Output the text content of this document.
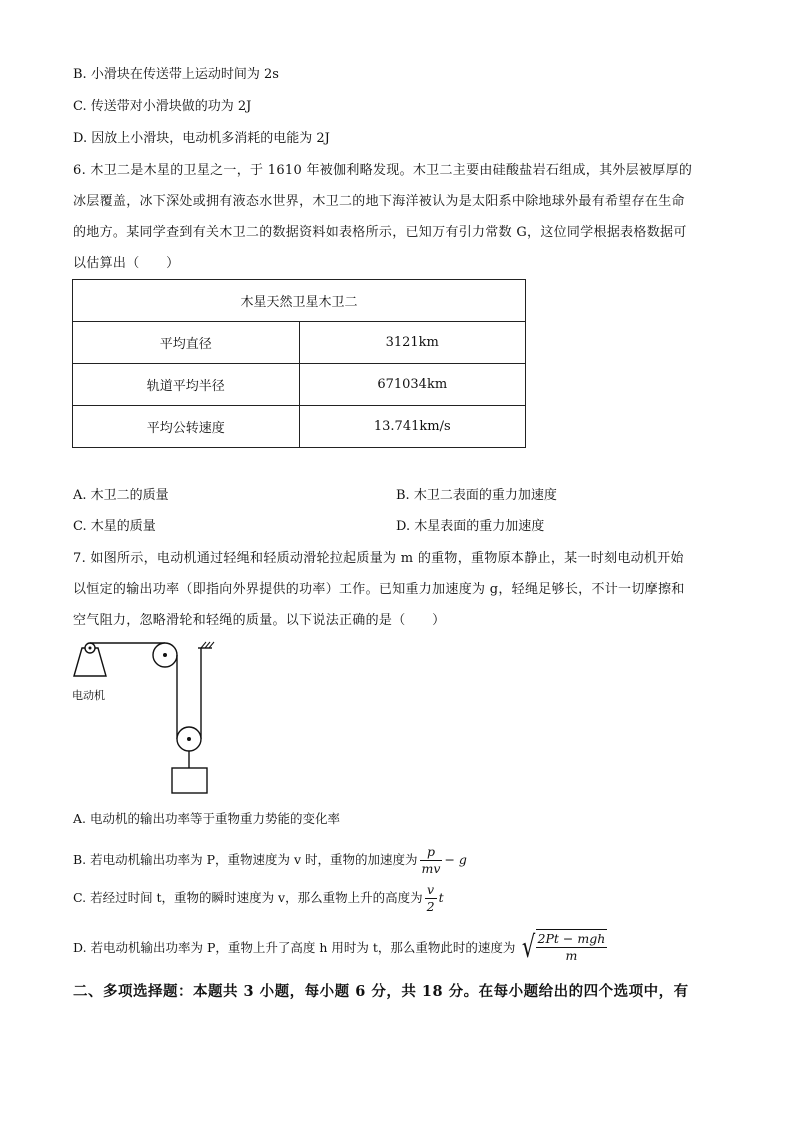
B. 小滑块在传送带上运动时间为 2s
C. 传送带对小滑块做的功为 2J
D. 因放上小滑块，电动机多消耗的电能为 2J
6. 木卫二是木星的卫星之一，于 1610 年被伽利略发现。木卫二主要由硅酸盐岩石组成，其外层被厚厚的
冰层覆盖，冰下深处或拥有液态水世界，木卫二的地下海洋被认为是太阳系中除地球外最有希望存在生命
的地方。某同学查到有关木卫二的数据资料如表格所示，已知万有引力常数 G，这位同学根据表格数据可
以估算出（　　）
木星天然卫星木卫二	
平均直径	3121km
轨道平均半径	671034km
平均公转速度	13.741km/s
A. 木卫二的质量	B. 木卫二表面的重力加速度
C. 木星的质量	D. 木星表面的重力加速度
7. 如图所示，电动机通过轻绳和轻质动滑轮拉起质量为 m 的重物，重物原本静止，某一时刻电动机开始
以恒定的输出功率（即指向外界提供的功率）工作。已知重力加速度为 g，轻绳足够长，不计一切摩擦和
空气阻力，忽略滑轮和轻绳的质量。以下说法正确的是（　　）
电动机
A. 电动机的输出功率等于重物重力势能的变化率
B. 若电动机输出功率为 P，重物速度为 v 时，重物的加速度为 $\frac{p}{mv} - g$
C. 若经过时间 t，重物的瞬时速度为 v，那么重物上升的高度为 $\frac{v}{2}$ t
D. 若电动机输出功率为 P，重物上升了高度 h 用时为 t，那么重物此时的速度为 √ $\frac{\text{2Pt − mgh}}{m}$
二、多项选择题：本题共 3 小题，每小题 6 分，共 18 分。在每小题给出的四个选项中，有
